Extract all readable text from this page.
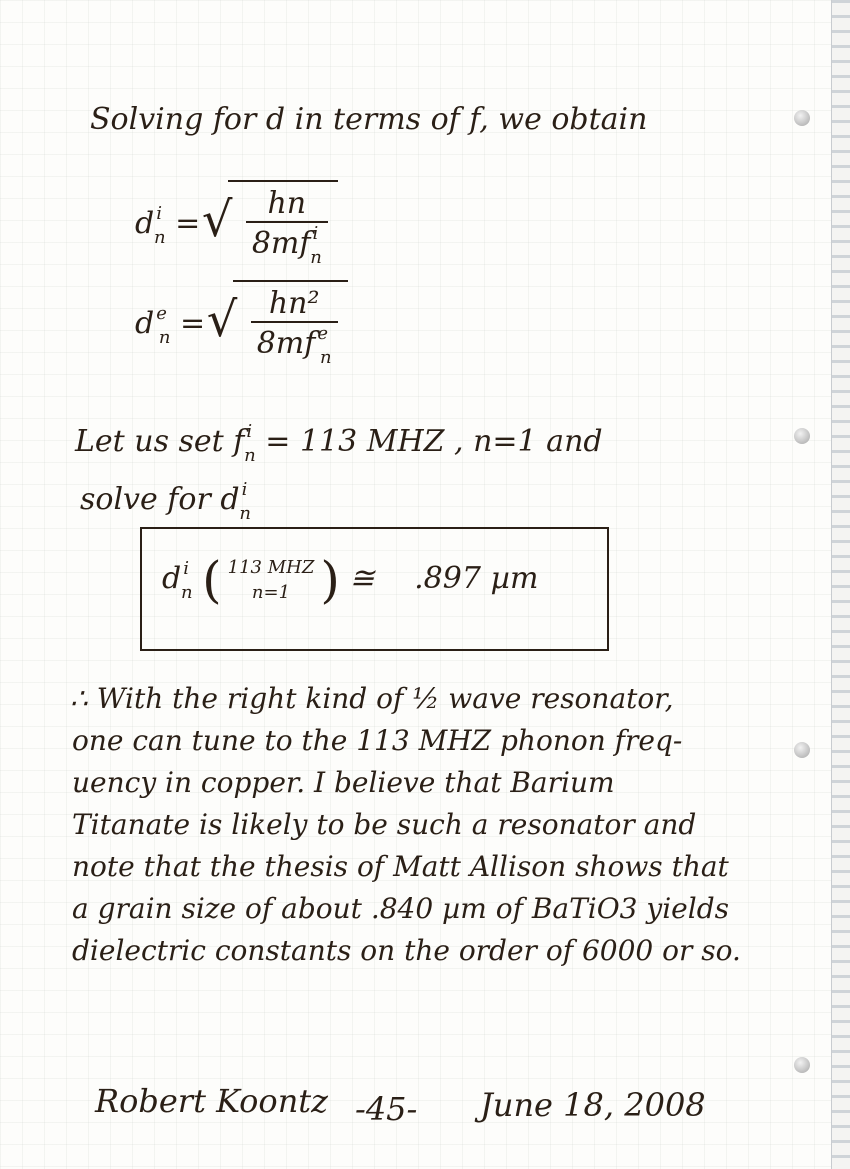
Solving for d in terms of f, we obtain
d $^i_n$ = √ $\frac{hn}{8mf ^i_n}$
d $^e_n$ = √ $\frac{\text{hn²}}{8mf ^e_n}$
Let us set f $^i_n$ = 113 MHZ , n=1 and
solve for d $^i_n$
d $^i_n$ ( 113 MHZ
n=1 ) ≅ .897 µm
∴ With the right kind of ½ wave resonator,
one can tune to the 113 MHZ phonon freq-
uency in copper. I believe that Barium
Titanate is likely to be such a resonator and
note that the thesis of Matt Allison shows that
a grain size of about .840 µm of BaTiO3 yields
dielectric constants on the order of 6000 or so.
Robert Koontz -45- June 18, 2008
